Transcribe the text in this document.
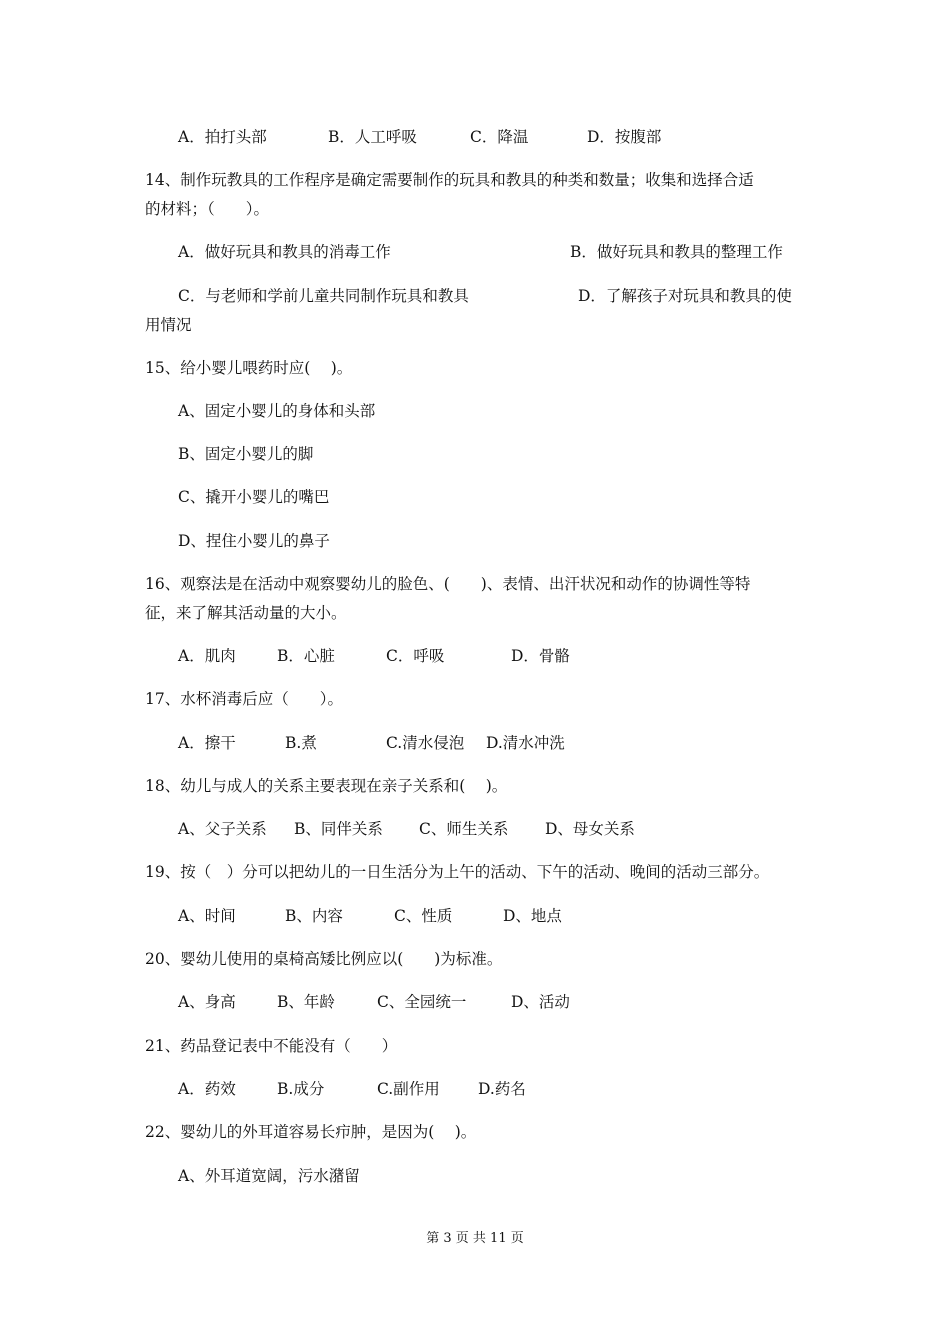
A．拍打头部	B．人工呼吸	C．降温	D．按腹部
14、制作玩教具的工作程序是确定需要制作的玩具和教具的种类和数量；收集和选择合适
的材料；（　　）。
A．做好玩具和教具的消毒工作	B．做好玩具和教具的整理工作
C．与老师和学前儿童共同制作玩具和教具	D．了解孩子对玩具和教具的使
用情况
15、给小婴儿喂药时应(　 )。
A、固定小婴儿的身体和头部
B、固定小婴儿的脚
C、撬开小婴儿的嘴巴
D、捏住小婴儿的鼻子
16、观察法是在活动中观察婴幼儿的脸色、(　　)、表情、出汗状况和动作的协调性等特
征，来了解其活动量的大小。
A．肌肉	B．心脏	C．呼吸	D．骨骼
17、水杯消毒后应（　　）。
A．擦干	B.煮	C.清水侵泡 D.清水冲洗
18、幼儿与成人的关系主要表现在亲子关系和(　 )。
A、父子关系 B、同伴关系 C、师生关系 D、母女关系
19、按（　）分可以把幼儿的一日生活分为上午的活动、下午的活动、晚间的活动三部分。
A、时间	B、内容	C、性质	D、地点
20、婴幼儿使用的桌椅高矮比例应以(　　)为标准。
A、身高	B、年龄	C、全园统一	D、活动
21、药品登记表中不能没有（　　）
A．药效	B.成分	C.副作用 D.药名
22、婴幼儿的外耳道容易长疖肿，是因为(　 )。
A、外耳道宽阔，污水潴留
第 3 页 共 11 页
